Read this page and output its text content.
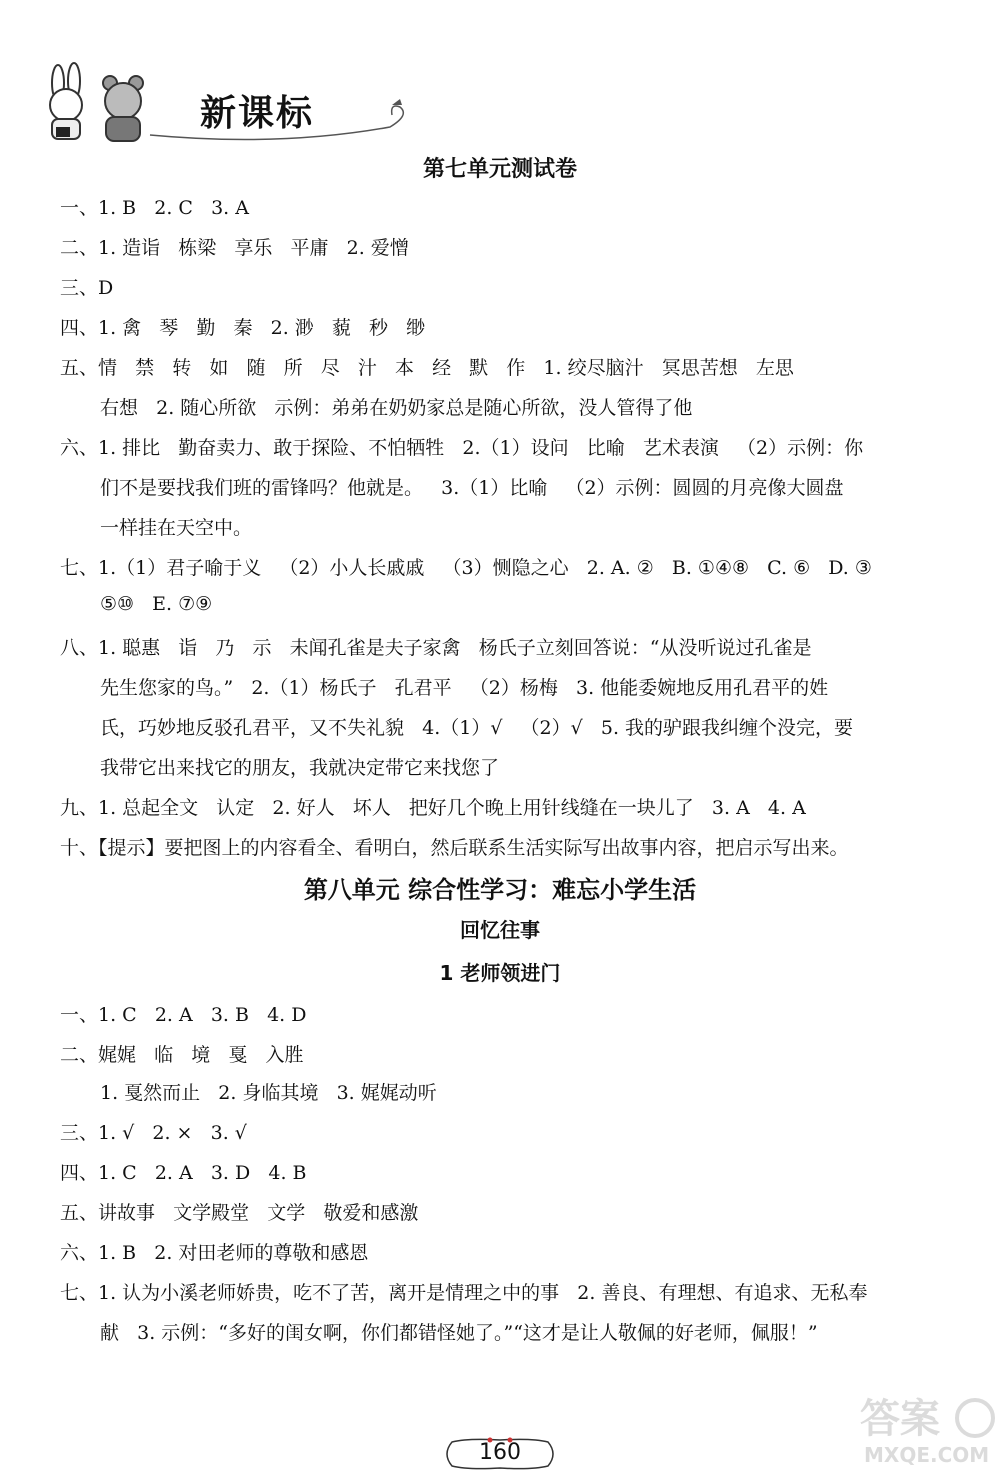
新课标
第七单元测试卷
一、1. B   2. C   3. A
二、1. 造诣   栋梁   享乐   平庸   2. 爱憎
三、D
四、1. 禽   琴   勤   秦   2. 渺   藐   秒   缈
五、情   禁   转   如   随   所   尽   汁   本   经   默   作   1. 绞尽脑汁   冥思苦想   左思
右想   2. 随心所欲   示例：弟弟在奶奶家总是随心所欲，没人管得了他
六、1. 排比   勤奋卖力、敢于探险、不怕牺牲   2.（1）设问   比喻   艺术表演   （2）示例：你
们不是要找我们班的雷锋吗？他就是。   3.（1）比喻   （2）示例：圆圆的月亮像大圆盘
一样挂在天空中。
七、1.（1）君子喻于义   （2）小人长戚戚   （3）恻隐之心   2. A. ②   B. ①④⑧   C. ⑥   D. ③
⑤⑩   E. ⑦⑨
八、1. 聪惠   诣   乃   示   未闻孔雀是夫子家禽   杨氏子立刻回答说：“从没听说过孔雀是
先生您家的鸟。”   2.（1）杨氏子   孔君平   （2）杨梅   3. 他能委婉地反用孔君平的姓
氏，巧妙地反驳孔君平，又不失礼貌   4.（1）√   （2）√   5. 我的驴跟我纠缠个没完，要
我带它出来找它的朋友，我就决定带它来找您了
九、1. 总起全文   认定   2. 好人   坏人   把好几个晚上用针线缝在一块儿了   3. A   4. A
十、【提示】要把图上的内容看全、看明白，然后联系生活实际写出故事内容，把启示写出来。
第八单元 综合性学习：难忘小学生活
回忆往事
1 老师领进门
一、1. C   2. A   3. B   4. D
二、娓娓   临   境   戛   入胜
1. 戛然而止   2. 身临其境   3. 娓娓动听
三、1. √   2. ×   3. √
四、1. C   2. A   3. D   4. B
五、讲故事   文学殿堂   文学   敬爱和感激
六、1. B   2. 对田老师的尊敬和感恩
七、1. 认为小溪老师娇贵，吃不了苦，离开是情理之中的事   2. 善良、有理想、有追求、无私奉
献   3. 示例：“多好的闺女啊，你们都错怪她了。”“这才是让人敬佩的好老师，佩服！”
160
答案
MXQE.COM
